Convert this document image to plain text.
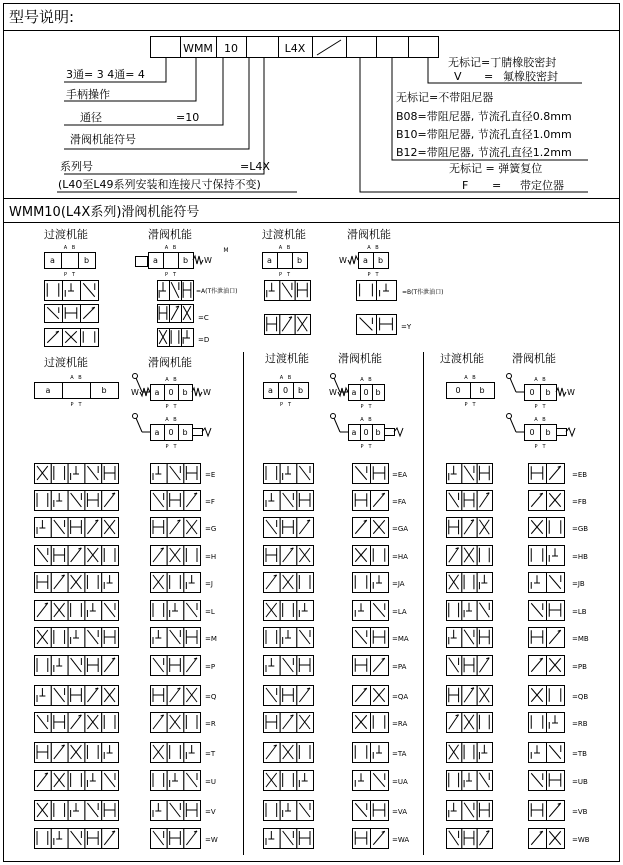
型号说明:
WMM10(L4X系列)滑阀机能符号
WMM 10	L4X
3通= 3 4通= 4
手柄操作
通径	=10
滑阀机能符号
系列号	=L4X
(L40至L49系列安装和连接尺寸保持不变)
无标记=丁腈橡胶密封
V = 氟橡胶密封
无标记=不带阻尼器
B08=带阻尼器, 节流孔直径0.8mm
B10=带阻尼器, 节流孔直径1.0mm
B12=带阻尼器, 节流孔直径1.2mm
无标记 = 弹簧复位
F = 带定位器
过渡机能	滑阀机能	过渡机能	滑阀机能
=A(T作泄油口)
=C
=D
=B(T作泄油口)
=Y
过渡机能	滑阀机能	过渡机能	滑阀机能	过渡机能	滑阀机能
a	b
A B
P T
a	b
A B
P T
W
M
a	b
A B
P T
a b
A B
P T
W
a	b
A B
P T
a 0 b
A B
P T
W	W
a 0 b
A B
P T
a 0 b
A B
P T
a 0 b
A B
P T
W
a 0 b
A B
P T
0 b
A B
P T
0 b
A B
P T
W
0 b
A B
P T
=E
=F
=G
=H
=J
=L
=M
=P
=Q
=R
=T
=U
=V
=W
=EA
=FA
=GA
=HA
=JA
=LA
=MA
=PA
=QA
=RA
=TA
=UA
=VA
=WA
=EB
=FB
=GB
=HB
=JB
=LB
=MB
=PB
=QB
=RB
=TB
=UB
=VB
=WB
